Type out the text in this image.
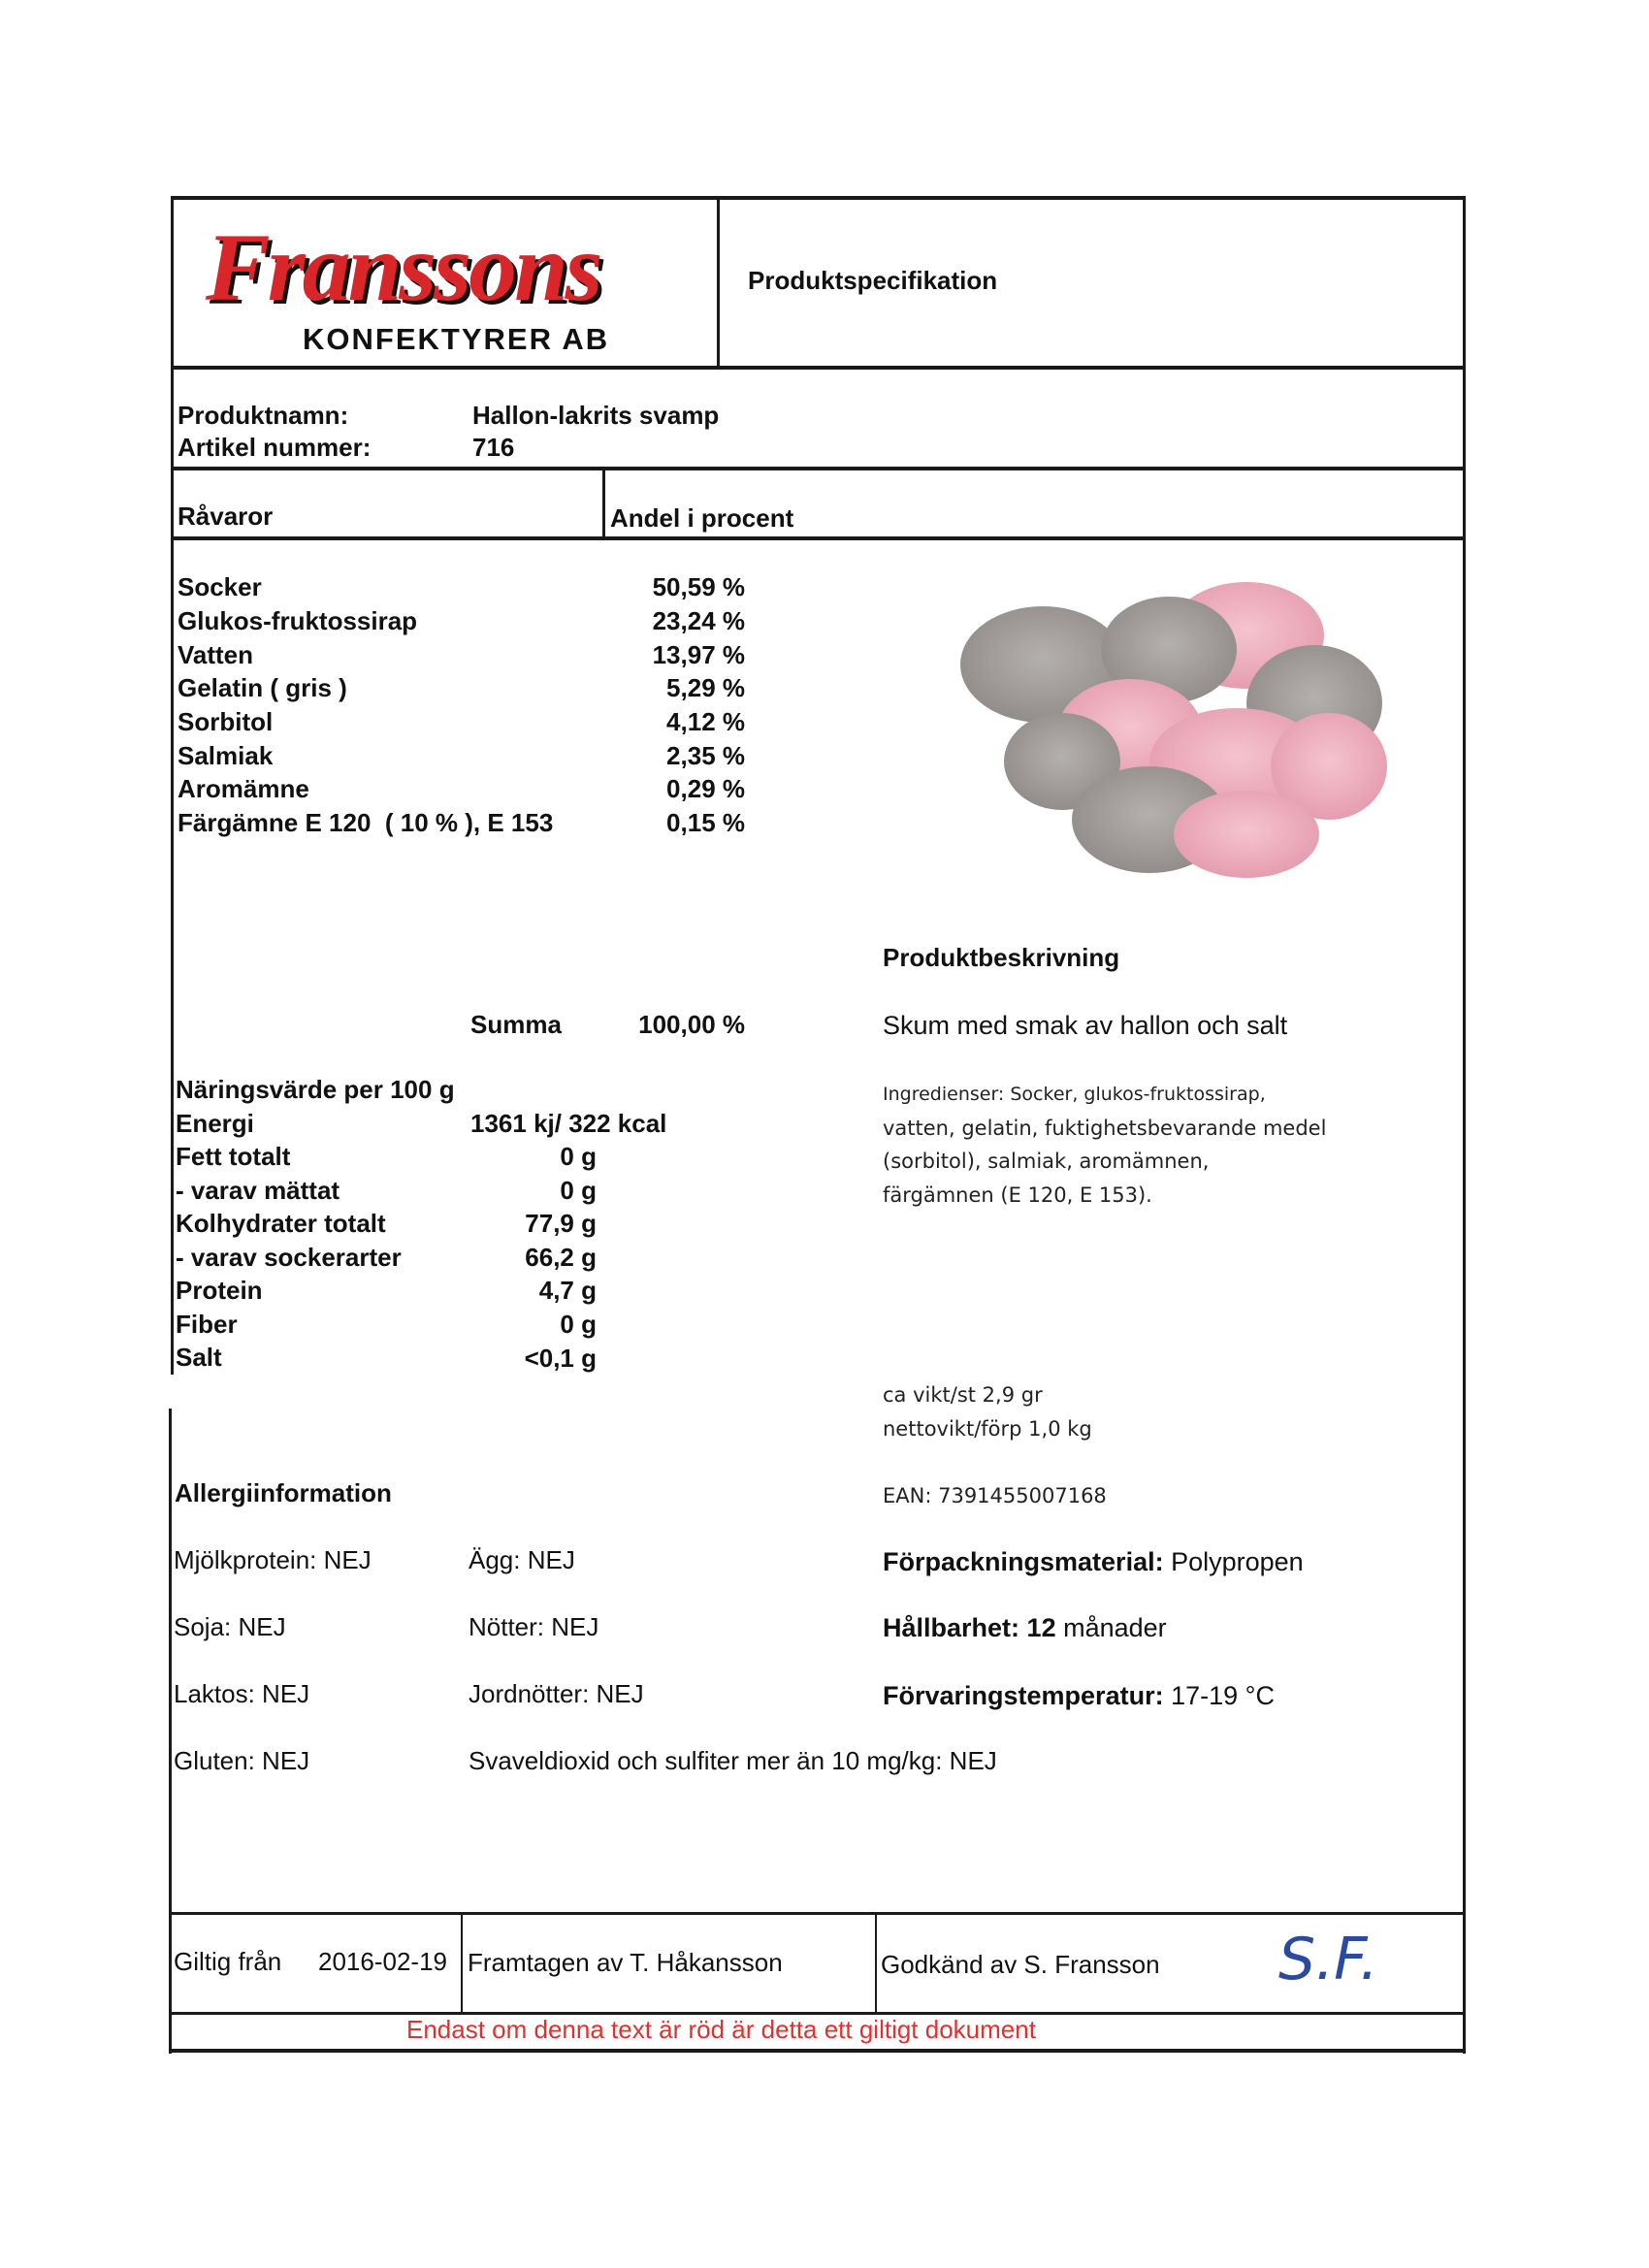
Franssons
KONFEKTYRER AB
Produktspecifikation
Produktnamn:	Hallon-lakrits svamp
Artikel nummer:	716
Råvaror	Andel i procent
Socker	50,59 %
Glukos-fruktossirap	23,24 %
Vatten	13,97 %
Gelatin ( gris )	5,29 %
Sorbitol	4,12 %
Salmiak	2,35 %
Aromämne	0,29 %
Färgämne E 120  ( 10 % ), E 153	0,15 %
Summa	100,00 %
Produktbeskrivning
Skum med smak av hallon och salt
Ingredienser: Socker, glukos-fruktossirap,
vatten, gelatin, fuktighetsbevarande medel
(sorbitol), salmiak, aromämnen,
färgämnen (E 120, E 153).
ca vikt/st 2,9 gr
nettovikt/förp 1,0 kg
EAN: 7391455007168
Förpackningsmaterial: Polypropen
Hållbarhet: 12 månader
Förvaringstemperatur: 17-19 °C
Näringsvärde per 100 g
Energi	1361 kj/ 322 kcal
Fett totalt	0 g
- varav mättat	0 g
Kolhydrater totalt	77,9 g
- varav sockerarter	66,2 g
Protein	4,7 g
Fiber	0 g
Salt	<0,1 g
Allergiinformation
Mjölkprotein: NEJ	Ägg: NEJ
Soja: NEJ	Nötter: NEJ
Laktos: NEJ	Jordnötter: NEJ
Gluten: NEJ	Svaveldioxid och sulfiter mer än 10 mg/kg: NEJ
Giltig från 2016-02-19 Framtagen av T. Håkansson	Godkänd av S. Fransson S.F.
Endast om denna text är röd är detta ett giltigt dokument
